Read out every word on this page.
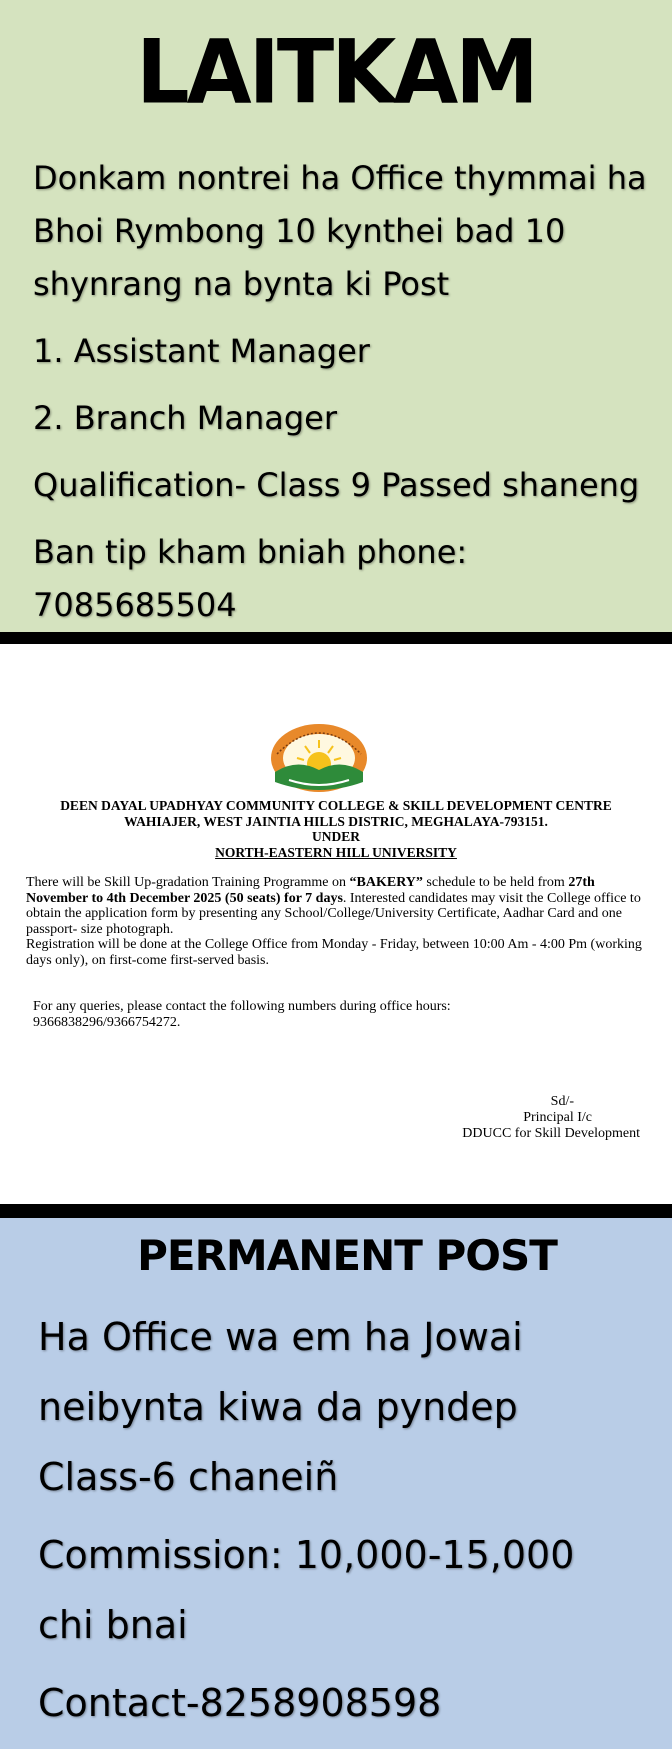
LAITKAM
Donkam nontrei ha Office thymmai ha
Bhoi Rymbong 10 kynthei bad 10
shynrang na bynta ki Post
1. Assistant Manager
2. Branch Manager
Qualification- Class 9 Passed shaneng
Ban tip kham bniah phone:
7085685504
DEEN DAYAL UPADHYAY COMMUNITY COLLEGE & SKILL DEVELOPMENT CENTRE
WAHIAJER, WEST JAINTIA HILLS DISTRIC, MEGHALAYA-793151.
UNDER
NORTH-EASTERN HILL UNIVERSITY

There will be Skill Up-gradation Training Programme on “BAKERY” schedule to be held from 27th November to 4th December 2025 (50 seats) for 7 days. Interested candidates may visit the College office to obtain the application form by presenting any School/College/University Certificate, Aadhar Card and one passport- size photograph.

Registration will be done at the College Office from Monday - Friday, between 10:00 Am - 4:00 Pm (working days only), on first-come first-served basis.

For any queries, please contact the following numbers during office hours:
9366838296/9366754272.
Sd/-
Principal I/c
DDUCC for Skill Development
PERMANENT POST
Ha Office wa em ha Jowai
neibynta kiwa da pyndep
Class-6 chaneiñ
Commission: 10,000-15,000
chi bnai
Contact-8258908598
